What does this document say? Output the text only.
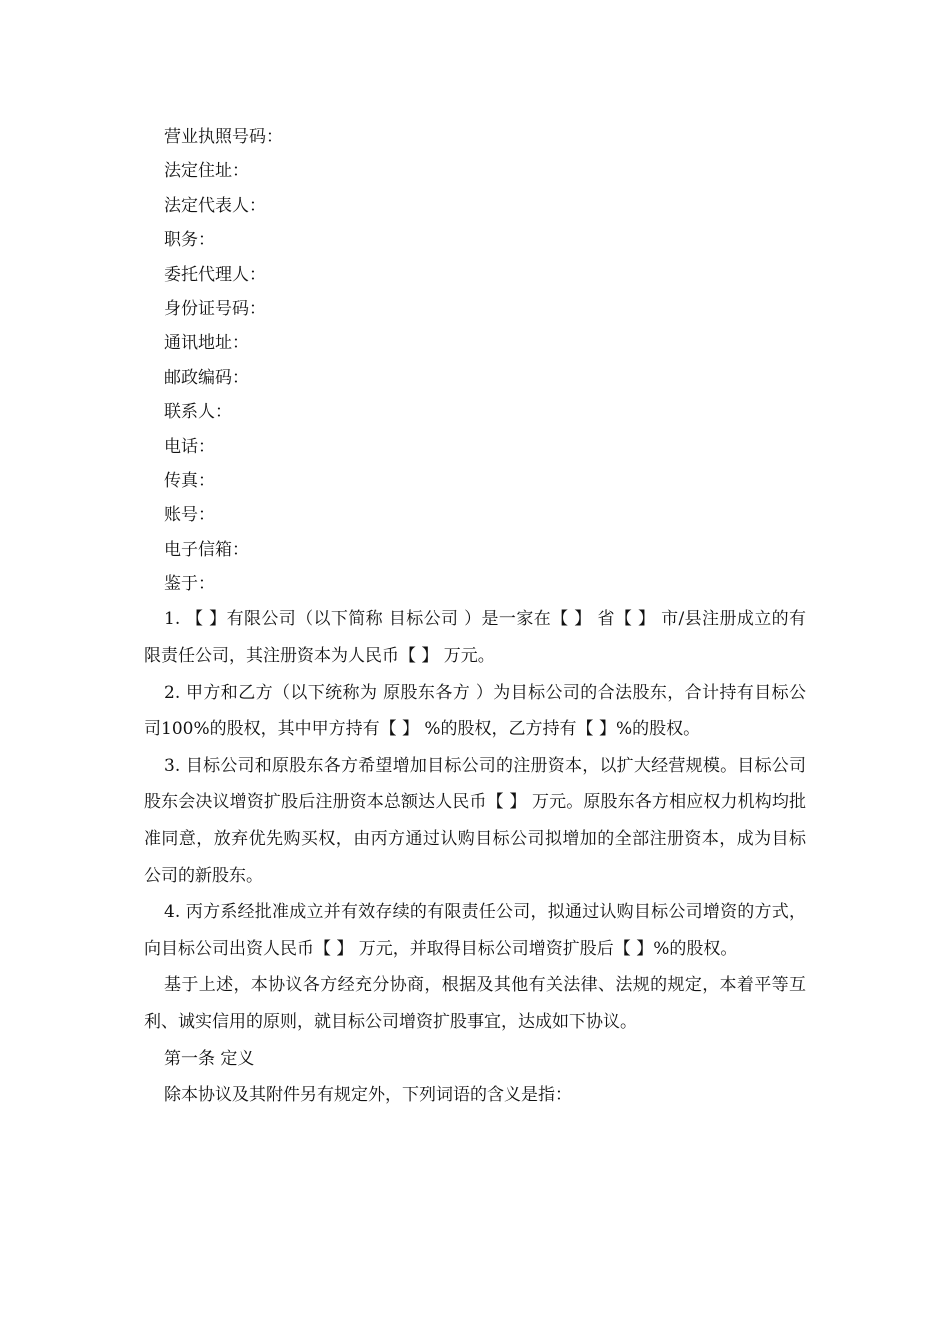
营业执照号码：
法定住址：
法定代表人：
职务：
委托代理人：
身份证号码：
通讯地址：
邮政编码：
联系人：
电话：
传真：
账号：
电子信箱：
鉴于：

1. 【 】有限公司（以下简称 目标公司 ）是一家在【 】 省【 】 市/县注册成立的有限责任公司，其注册资本为人民币【 】 万元。

2. 甲方和乙方（以下统称为 原股东各方 ）为目标公司的合法股东，合计持有目标公司100%的股权，其中甲方持有【 】 %的股权，乙方持有【 】%的股权。

3. 目标公司和原股东各方希望增加目标公司的注册资本，以扩大经营规模。目标公司股东会决议增资扩股后注册资本总额达人民币【 】 万元。原股东各方相应权力机构均批准同意，放弃优先购买权，由丙方通过认购目标公司拟增加的全部注册资本，成为目标公司的新股东。

4. 丙方系经批准成立并有效存续的有限责任公司，拟通过认购目标公司增资的方式，向目标公司出资人民币【 】 万元，并取得目标公司增资扩股后【 】%的股权。

基于上述，本协议各方经充分协商，根据及其他有关法律、法规的规定，本着平等互利、诚实信用的原则，就目标公司增资扩股事宜，达成如下协议。

第一条 定义

除本协议及其附件另有规定外，下列词语的含义是指：
